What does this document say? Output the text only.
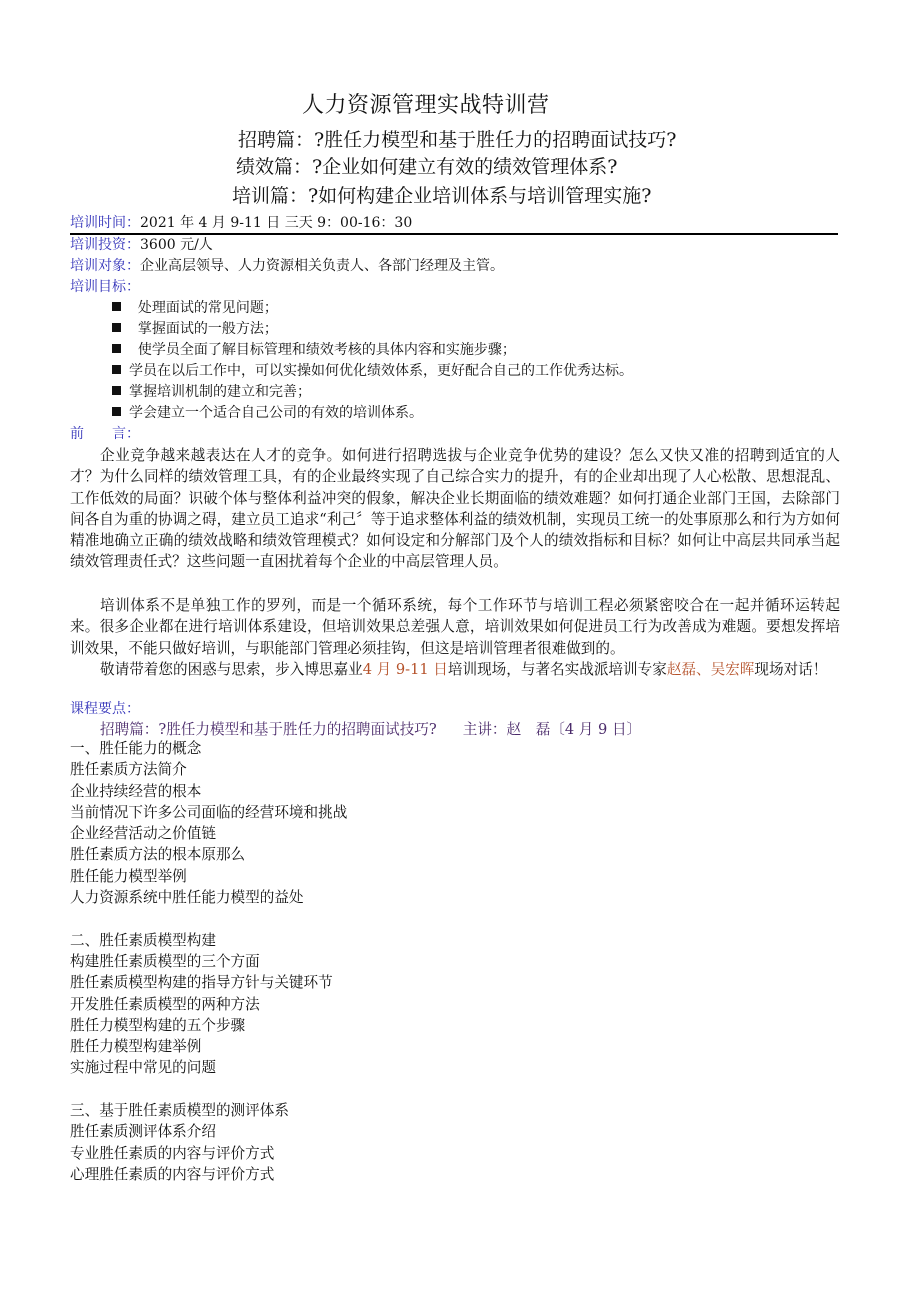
人力资源管理实战特训营
招聘篇：?胜任力模型和基于胜任力的招聘面试技巧?
绩效篇：?企业如何建立有效的绩效管理体系?
培训篇：?如何构建企业培训体系与培训管理实施?
培训时间：2021 年 4 月 9-11 日 三天 9：00-16：30
培训投资：3600 元/人
培训对象：企业高层领导、人力资源相关负责人、各部门经理及主管。
培训目标：
处理面试的常见问题；
掌握面试的一般方法；
使学员全面了解目标管理和绩效考核的具体内容和实施步骤；
学员在以后工作中，可以实操如何优化绩效体系，更好配合自己的工作优秀达标。
掌握培训机制的建立和完善；
学会建立一个适合自己公司的有效的培训体系。
前　　言：
企业竞争越来越表达在人才的竞争。如何进行招聘选拔与企业竞争优势的建设？怎么又快又准的招聘到适宜的人才？为什么同样的绩效管理工具，有的企业最终实现了自己综合实力的提升，有的企业却出现了人心松散、思想混乱、工作低效的局面？识破个体与整体利益冲突的假象，解决企业长期面临的绩效难题？如何打通企业部门王国，去除部门间各自为重的协调之碍，建立员工追求“利己〞等于追求整体利益的绩效机制，实现员工统一的处事原那么和行为方如何精准地确立正确的绩效战略和绩效管理模式？如何设定和分解部门及个人的绩效指标和目标？如何让中高层共同承当起绩效管理责任式？这些问题一直困扰着每个企业的中高层管理人员。
培训体系不是单独工作的罗列，而是一个循环系统，每个工作环节与培训工程必须紧密咬合在一起并循环运转起来。很多企业都在进行培训体系建设，但培训效果总差强人意，培训效果如何促进员工行为改善成为难题。要想发挥培训效果，不能只做好培训，与职能部门管理必须挂钩，但这是培训管理者很难做到的。
敬请带着您的困惑与思索，步入博思嘉业4 月 9-11 日培训现场，与著名实战派培训专家赵磊、吴宏晖现场对话！
课程要点：
招聘篇：?胜任力模型和基于胜任力的招聘面试技巧? 主讲：赵　磊〔4 月 9 日〕
一、胜任能力的概念
胜任素质方法简介
企业持续经营的根本
当前情况下许多公司面临的经营环境和挑战
企业经营活动之价值链
胜任素质方法的根本原那么
胜任能力模型举例
人力资源系统中胜任能力模型的益处
二、胜任素质模型构建
构建胜任素质模型的三个方面
胜任素质模型构建的指导方针与关键环节
开发胜任素质模型的两种方法
胜任力模型构建的五个步骤
胜任力模型构建举例
实施过程中常见的问题
三、基于胜任素质模型的测评体系
胜任素质测评体系介绍
专业胜任素质的内容与评价方式
心理胜任素质的内容与评价方式
